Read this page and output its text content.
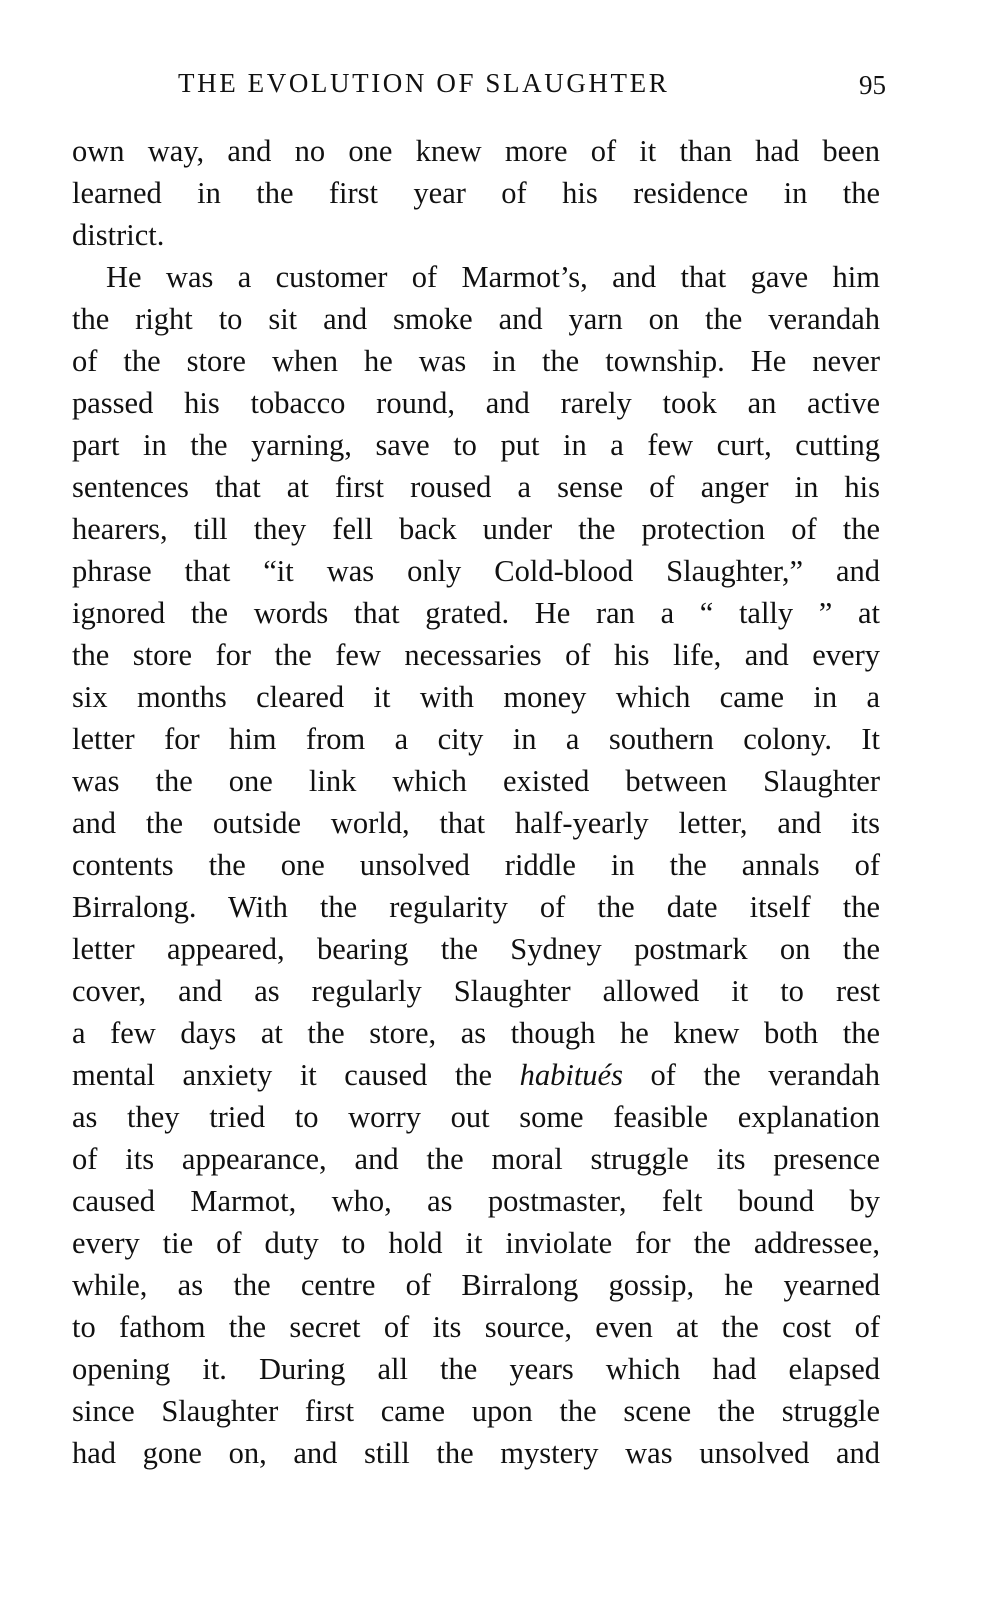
THE EVOLUTION OF SLAUGHTER	95
own way, and no one knew more of it than had been
learned in the first year of his residence in the
district.
He was a customer of Marmot’s, and that gave him
the right to sit and smoke and yarn on the verandah
of the store when he was in the township. He never
passed his tobacco round, and rarely took an active
part in the yarning, save to put in a few curt, cutting
sentences that at first roused a sense of anger in his
hearers, till they fell back under the protection of the
phrase that “it was only Cold-blood Slaughter,” and
ignored the words that grated. He ran a “ tally ” at
the store for the few necessaries of his life, and every
six months cleared it with money which came in a
letter for him from a city in a southern colony. It
was the one link which existed between Slaughter
and the outside world, that half-yearly letter, and its
contents the one unsolved riddle in the annals of
Birralong. With the regularity of the date itself the
letter appeared, bearing the Sydney postmark on the
cover, and as regularly Slaughter allowed it to rest
a few days at the store, as though he knew both the
mental anxiety it caused the habitués of the verandah
as they tried to worry out some feasible explanation
of its appearance, and the moral struggle its presence
caused Marmot, who, as postmaster, felt bound by
every tie of duty to hold it inviolate for the addressee,
while, as the centre of Birralong gossip, he yearned
to fathom the secret of its source, even at the cost of
opening it. During all the years which had elapsed
since Slaughter first came upon the scene the struggle
had gone on, and still the mystery was unsolved and
